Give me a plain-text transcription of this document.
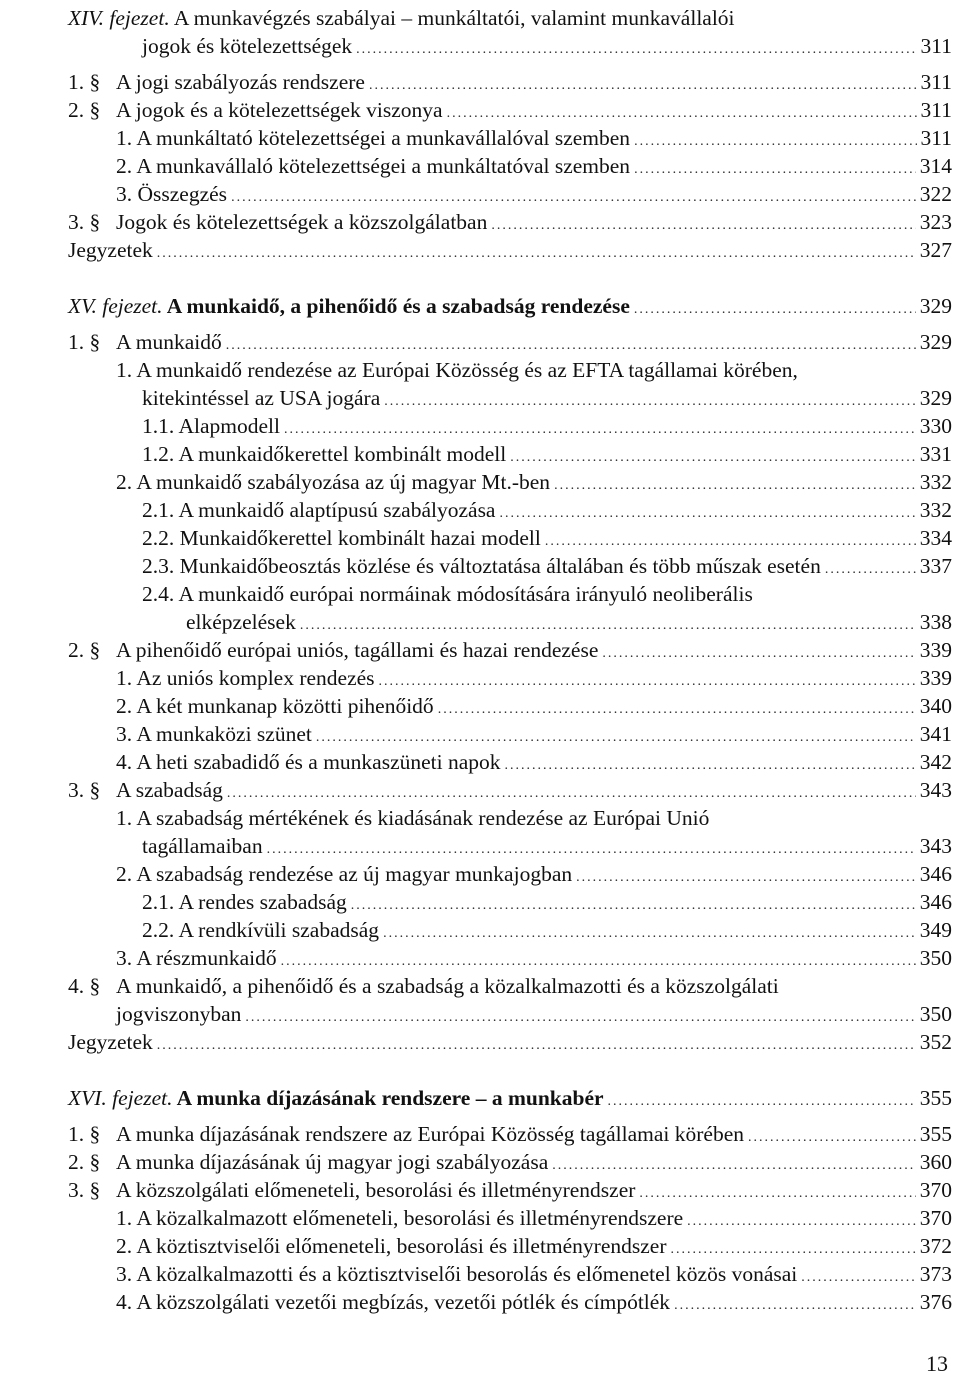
XIV. fejezet. A munkavégzés szabályai – munkáltatói, valamint munkavállalói
jogok és kötelezettségek .....	311
1. § A jogi szabályozás rendszere .....	311
2. § A jogok és a kötelezettségek viszonya .....	311
1. A munkáltató kötelezettségei a munkavállalóval szemben .....	311
2. A munkavállaló kötelezettségei a munkáltatóval szemben .....	314
3. Összegzés .....	322
3. § Jogok és kötelezettségek a közszolgálatban .....	323
Jegyzetek .....	327
XV. fejezet. A munkaidő, a pihenőidő és a szabadság rendezése .....	329
1. § A munkaidő .....	329
1. A munkaidő rendezése az Európai Közösség és az EFTA tagállamai körében,
kitekintéssel az USA jogára .....	329
1.1. Alapmodell .....	330
1.2. A munkaidőkerettel kombinált modell .....	331
2. A munkaidő szabályozása az új magyar Mt.-ben .....	332
2.1. A munkaidő alaptípusú szabályozása .....	332
2.2. Munkaidőkerettel kombinált hazai modell .....	334
2.3. Munkaidőbeosztás közlése és változtatása általában és több műszak esetén .....	337
2.4. A munkaidő európai normáinak módosítására irányuló neoliberális
elképzelések .....	338
2. § A pihenőidő európai uniós, tagállami és hazai rendezése .....	339
1. Az uniós komplex rendezés .....	339
2. A két munkanap közötti pihenőidő .....	340
3. A munkaközi szünet .....	341
4. A heti szabadidő és a munkaszüneti napok .....	342
3. § A szabadság .....	343
1. A szabadság mértékének és kiadásának rendezése az Európai Unió
tagállamaiban .....	343
2. A szabadság rendezése az új magyar munkajogban .....	346
2.1. A rendes szabadság .....	346
2.2. A rendkívüli szabadság .....	349
3. A részmunkaidő .....	350
4. § A munkaidő, a pihenőidő és a szabadság a közalkalmazotti és a közszolgálati
jogviszonyban .....	350
Jegyzetek .....	352
XVI. fejezet. A munka díjazásának rendszere – a munkabér .....	355
1. § A munka díjazásának rendszere az Európai Közösség tagállamai körében .....	355
2. § A munka díjazásának új magyar jogi szabályozása .....	360
3. § A közszolgálati előmeneteli, besorolási és illetményrendszer .....	370
1. A közalkalmazott előmeneteli, besorolási és illetményrendszere .....	370
2. A köztisztviselői előmeneteli, besorolási és illetményrendszer .....	372
3. A közalkalmazotti és a köztisztviselői besorolás és előmenetel közös vonásai .....	373
4. A közszolgálati vezetői megbízás, vezetői pótlék és címpótlék .....	376
13
